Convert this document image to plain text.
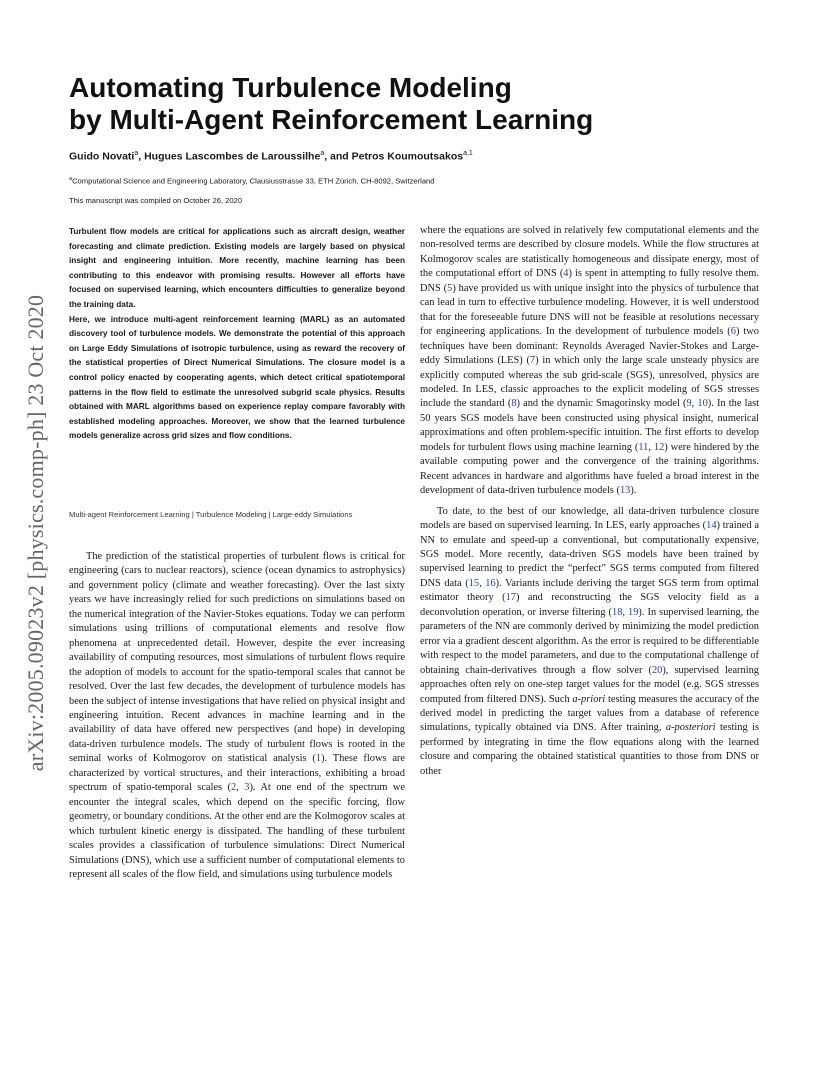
arXiv:2005.09023v2 [physics.comp-ph] 23 Oct 2020
Automating Turbulence Modeling
by Multi-Agent Reinforcement Learning
Guido Novati$^a$, Hugues Lascombes de Laroussilhe$^a$, and Petros Koumoutsakos$^{a,1}$
$^a$Computational Science and Engineering Laboratory, Clausiusstrasse 33, ETH Zürich, CH-8092, Switzerland
This manuscript was compiled on October 26, 2020

Turbulent flow models are critical for applications such as aircraft design, weather forecasting and climate prediction. Existing models are largely based on physical insight and engineering intuition. More recently, machine learning has been contributing to this endeavor with promising results. However all efforts have focused on supervised learning, which encounters difficulties to generalize beyond the training data.

Here, we introduce multi-agent reinforcement learning (MARL) as an automated discovery tool of turbulence models. We demonstrate the potential of this approach on Large Eddy Simulations of isotropic turbulence, using as reward the recovery of the statistical properties of Direct Numerical Simulations. The closure model is a control policy enacted by cooperating agents, which detect critical spatiotemporal patterns in the flow field to estimate the unresolved subgrid scale physics. Results obtained with MARL algorithms based on experience replay compare favorably with established modeling approaches. Moreover, we show that the learned turbulence models generalize across grid sizes and flow conditions.

Multi-agent Reinforcement Learning | Turbulence Modeling | Large-eddy Simulations

The prediction of the statistical properties of turbulent flows is critical for engineering (cars to nuclear reactors), science (ocean dynamics to astrophysics) and government policy (climate and weather forecasting). Over the last sixty years we have increasingly relied for such predictions on simulations based on the numerical integration of the Navier-Stokes equations. Today we can perform simulations using trillions of computational elements and resolve flow phenomena at unprecedented detail. However, despite the ever increasing availability of computing resources, most simulations of turbulent flows require the adoption of models to account for the spatio-temporal scales that cannot be resolved. Over the last few decades, the development of turbulence models has been the subject of intense investigations that have relied on physical insight and engineering intuition. Recent advances in machine learning and in the availability of data have offered new perspectives (and hope) in developing data-driven turbulence models. The study of turbulent flows is rooted in the seminal works of Kolmogorov on statistical analysis (1). These flows are characterized by vortical structures, and their interactions, exhibiting a broad spectrum of spatio-temporal scales (2, 3). At one end of the spectrum we encounter the integral scales, which depend on the specific forcing, flow geometry, or boundary conditions. At the other end are the Kolmogorov scales at which turbulent kinetic energy is dissipated. The handling of these turbulent scales provides a classification of turbulence simulations: Direct Numerical Simulations (DNS), which use a sufficient number of computational elements to represent all scales of the flow field, and simulations using turbulence models

where the equations are solved in relatively few computational elements and the non-resolved terms are described by closure models. While the flow structures at Kolmogorov scales are statistically homogeneous and dissipate energy, most of the computational effort of DNS (4) is spent in attempting to fully resolve them. DNS (5) have provided us with unique insight into the physics of turbulence that can lead in turn to effective turbulence modeling. However, it is well understood that for the foreseeable future DNS will not be feasible at resolutions necessary for engineering applications. In the development of turbulence models (6) two techniques have been dominant: Reynolds Averaged Navier-Stokes and Large-eddy Simulations (LES) (7) in which only the large scale unsteady physics are explicitly computed whereas the sub grid-scale (SGS), unresolved, physics are modeled. In LES, classic approaches to the explicit modeling of SGS stresses include the standard (8) and the dynamic Smagorinsky model (9, 10). In the last 50 years SGS models have been constructed using physical insight, numerical approximations and often problem-specific intuition. The first efforts to develop models for turbulent flows using machine learning (11, 12) were hindered by the available computing power and the convergence of the training algorithms. Recent advances in hardware and algorithms have fueled a broad interest in the development of data-driven turbulence models (13).

To date, to the best of our knowledge, all data-driven turbulence closure models are based on supervised learning. In LES, early approaches (14) trained a NN to emulate and speed-up a conventional, but computationally expensive, SGS model. More recently, data-driven SGS models have been trained by supervised learning to predict the “perfect” SGS terms computed from filtered DNS data (15, 16). Variants include deriving the target SGS term from optimal estimator theory (17) and reconstructing the SGS velocity field as a deconvolution operation, or inverse filtering (18, 19). In supervised learning, the parameters of the NN are commonly derived by minimizing the model prediction error via a gradient descent algorithm. As the error is required to be differentiable with respect to the model parameters, and due to the computational challenge of obtaining chain-derivatives through a flow solver (20), supervised learning approaches often rely on one-step target values for the model (e.g. SGS stresses computed from filtered DNS). Such a-priori testing measures the accuracy of the derived model in predicting the target values from a database of reference simulations, typically obtained via DNS. After training, a-posteriori testing is performed by integrating in time the flow equations along with the learned closure and comparing the obtained statistical quantities to those from DNS or other
